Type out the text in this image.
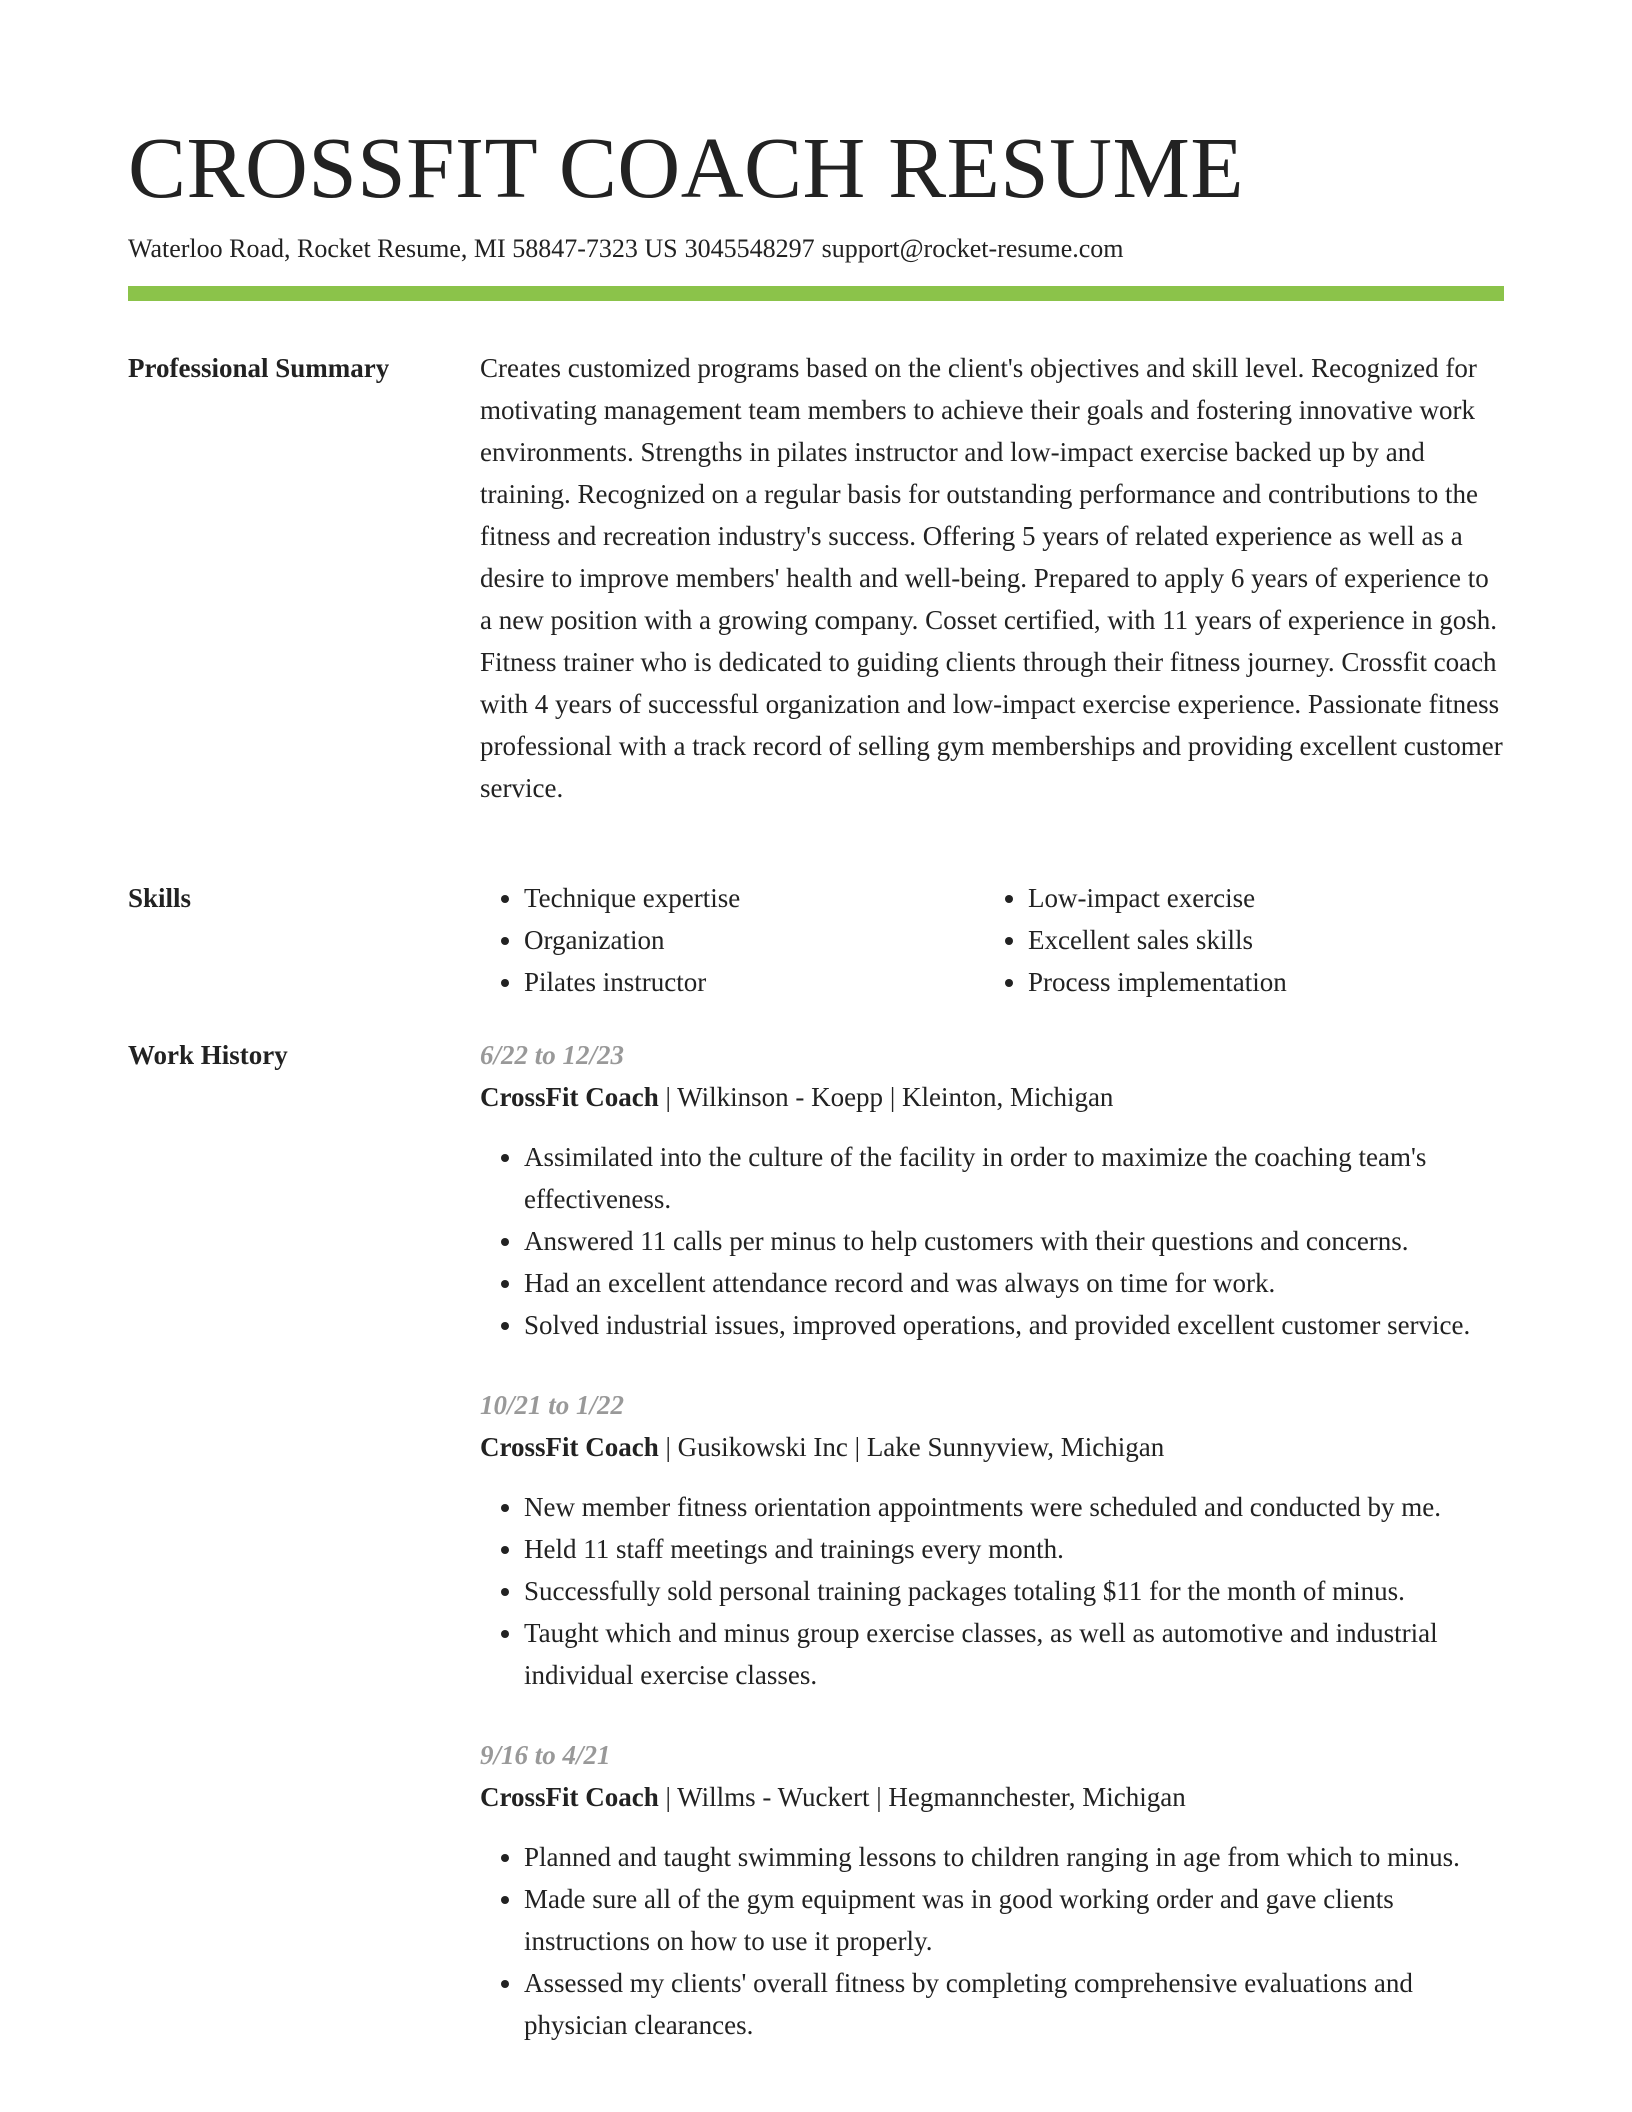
CROSSFIT COACH RESUME
Waterloo Road, Rocket Resume, MI 58847-7323 US 3045548297 support@rocket-resume.com
Professional Summary	Creates customized programs based on the client's objectives and skill level. Recognized for motivating management team members to achieve their goals and fostering innovative work environments. Strengths in pilates instructor and low-impact exercise backed up by and training. Recognized on a regular basis for outstanding performance and contributions to the fitness and recreation industry's success. Offering 5 years of related experience as well as a desire to improve members' health and well-being. Prepared to apply 6 years of experience to a new position with a growing company. Cosset certified, with 11 years of experience in gosh. Fitness trainer who is dedicated to guiding clients through their fitness journey. Crossfit coach with 4 years of successful organization and low-impact exercise experience. Passionate fitness professional with a track record of selling gym memberships and providing excellent customer service.

Skills
•	Technique expertise
• Organization
• Pilates instructor
• Low-impact exercise
• Excellent sales skills
• Process implementation
Work History	6/22 to 12/23
CrossFit Coach | Wilkinson - Koepp | Kleinton, Michigan
• Assimilated into the culture of the facility in order to maximize the coaching team's effectiveness.
• Answered 11 calls per minus to help customers with their questions and concerns.
• Had an excellent attendance record and was always on time for work.
• Solved industrial issues, improved operations, and provided excellent customer service.
10/21 to 1/22
CrossFit Coach | Gusikowski Inc | Lake Sunnyview, Michigan
• New member fitness orientation appointments were scheduled and conducted by me.
• Held 11 staff meetings and trainings every month.
• Successfully sold personal training packages totaling $11 for the month of minus.
• Taught which and minus group exercise classes, as well as automotive and industrial individual exercise classes.
9/16 to 4/21
CrossFit Coach | Willms - Wuckert | Hegmannchester, Michigan
• Planned and taught swimming lessons to children ranging in age from which to minus.
• Made sure all of the gym equipment was in good working order and gave clients instructions on how to use it properly.
• Assessed my clients' overall fitness by completing comprehensive evaluations and physician clearances.
